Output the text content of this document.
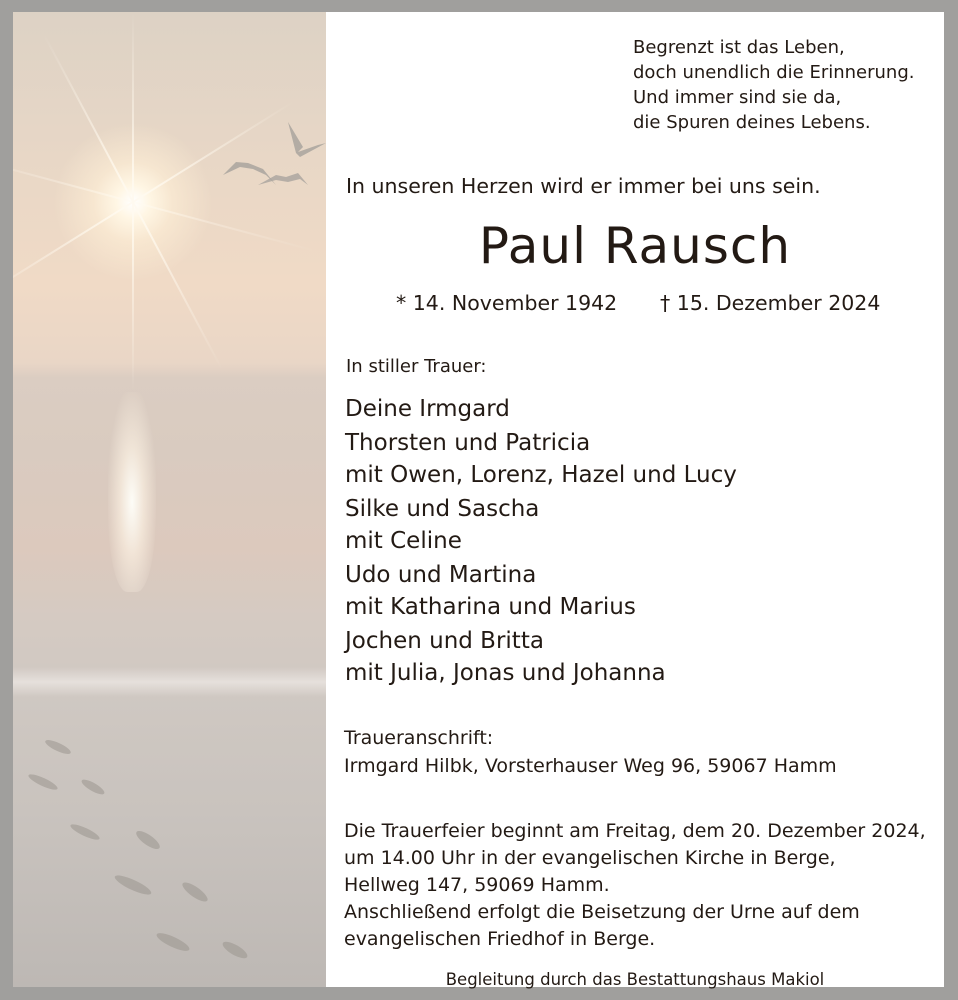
Begrenzt ist das Leben,
doch unendlich die Erinnerung.
Und immer sind sie da,
die Spuren deines Lebens.
In unseren Herzen wird er immer bei uns sein.
Paul Rausch
* 14. November 1942 † 15. Dezember 2024
In stiller Trauer:
Deine Irmgard
Thorsten und Patricia
mit Owen, Lorenz, Hazel und Lucy
Silke und Sascha
mit Celine
Udo und Martina
mit Katharina und Marius
Jochen und Britta
mit Julia, Jonas und Johanna
Traueranschrift:
Irmgard Hilbk, Vorsterhauser Weg 96, 59067 Hamm
Die Trauerfeier beginnt am Freitag, dem 20. Dezember 2024,
um 14.00 Uhr in der evangelischen Kirche in Berge,
Hellweg 147, 59069 Hamm.
Anschließend erfolgt die Beisetzung der Urne auf dem
evangelischen Friedhof in Berge.
Begleitung durch das Bestattungshaus Makiol
